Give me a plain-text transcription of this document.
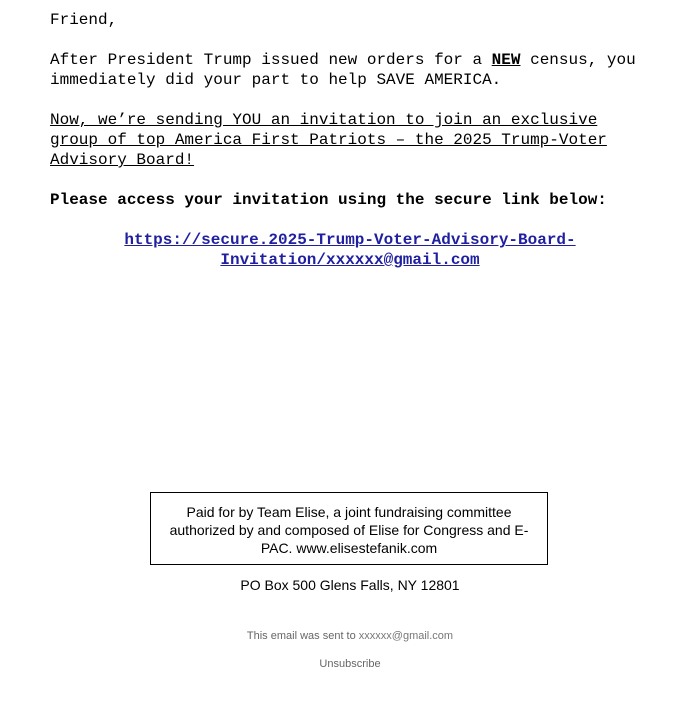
Friend,

After President Trump issued new orders for a NEW census, you immediately did your part to help SAVE AMERICA.

Now, we’re sending YOU an invitation to join an exclusive group of top America First Patriots – the 2025 Trump-Voter Advisory Board!

Please access your invitation using the secure link below:

https://secure.2025-Trump-Voter-Advisory-Board-
Invitation/xxxxxx@gmail.com
Paid for by Team Elise, a joint fundraising committee authorized by and composed of Elise for Congress and E-PAC. www.elisestefanik.com
PO Box 500 Glens Falls, NY 12801
This email was sent to xxxxxx@gmail.com
Unsubscribe
